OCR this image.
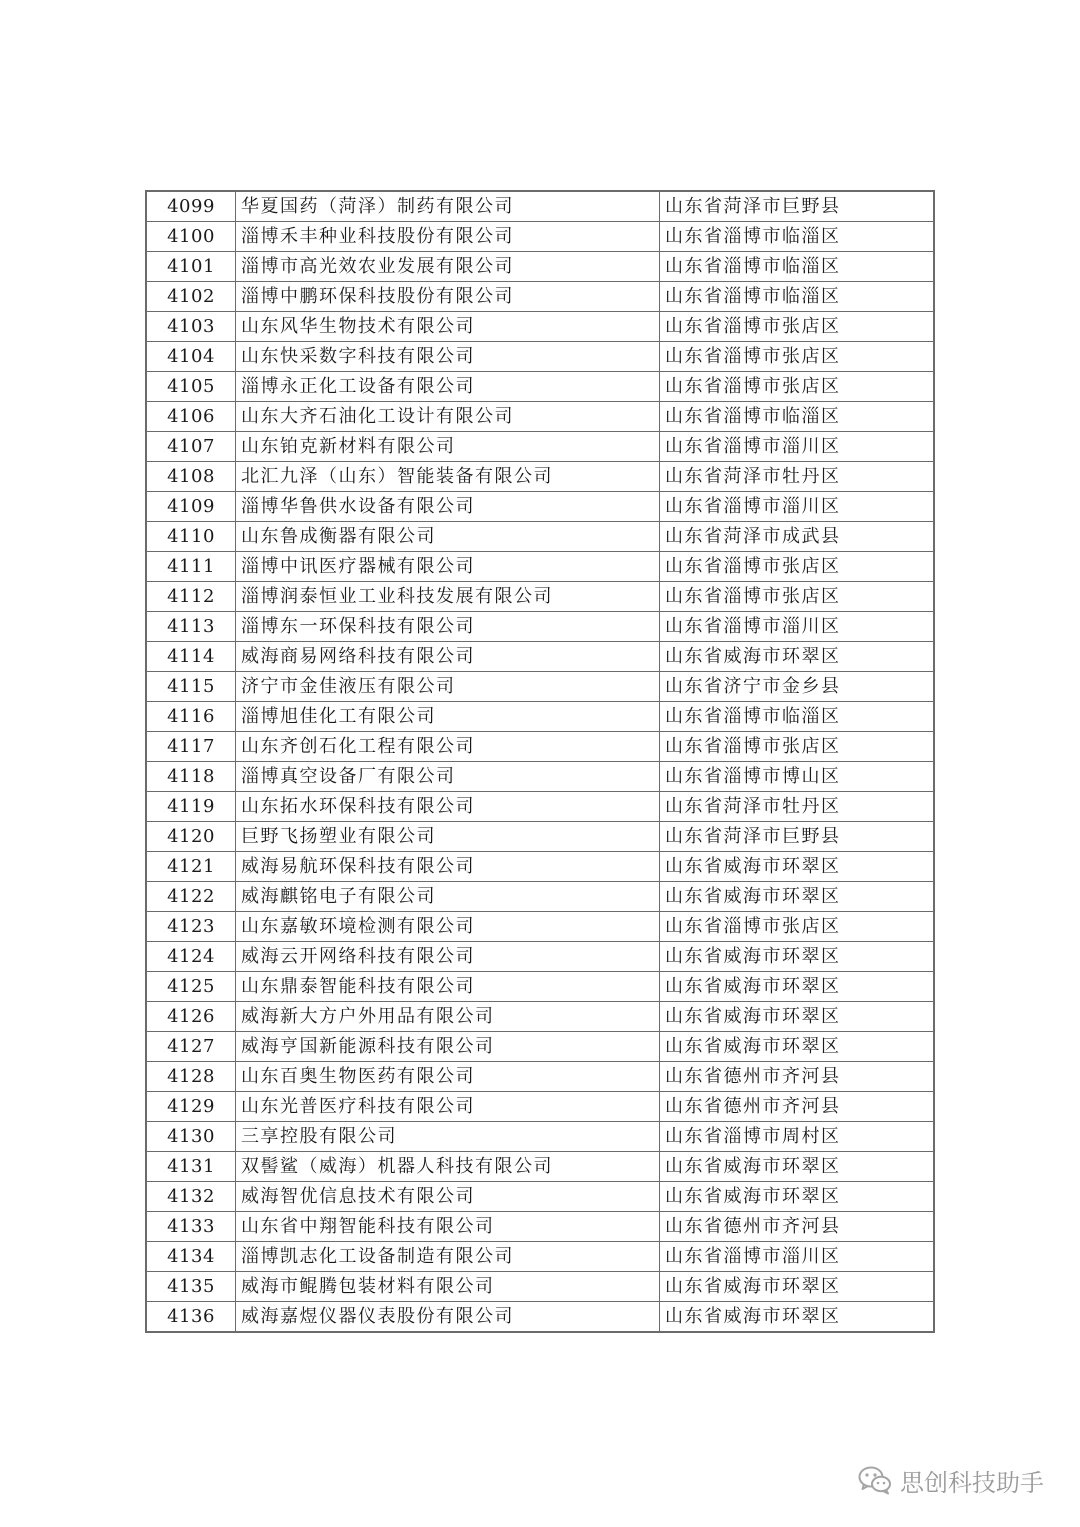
4099	华夏国药（菏泽）制药有限公司	山东省菏泽市巨野县
4100	淄博禾丰种业科技股份有限公司	山东省淄博市临淄区
4101	淄博市高光效农业发展有限公司	山东省淄博市临淄区
4102	淄博中鹏环保科技股份有限公司	山东省淄博市临淄区
4103	山东风华生物技术有限公司	山东省淄博市张店区
4104	山东快采数字科技有限公司	山东省淄博市张店区
4105	淄博永正化工设备有限公司	山东省淄博市张店区
4106	山东大齐石油化工设计有限公司	山东省淄博市临淄区
4107	山东铂克新材料有限公司	山东省淄博市淄川区
4108	北汇九泽（山东）智能装备有限公司	山东省菏泽市牡丹区
4109	淄博华鲁供水设备有限公司	山东省淄博市淄川区
4110	山东鲁成衡器有限公司	山东省菏泽市成武县
4111	淄博中讯医疗器械有限公司	山东省淄博市张店区
4112	淄博润泰恒业工业科技发展有限公司	山东省淄博市张店区
4113	淄博东一环保科技有限公司	山东省淄博市淄川区
4114	威海商易网络科技有限公司	山东省威海市环翠区
4115	济宁市金佳液压有限公司	山东省济宁市金乡县
4116	淄博旭佳化工有限公司	山东省淄博市临淄区
4117	山东齐创石化工程有限公司	山东省淄博市张店区
4118	淄博真空设备厂有限公司	山东省淄博市博山区
4119	山东拓水环保科技有限公司	山东省菏泽市牡丹区
4120	巨野飞扬塑业有限公司	山东省菏泽市巨野县
4121	威海易航环保科技有限公司	山东省威海市环翠区
4122	威海麒铭电子有限公司	山东省威海市环翠区
4123	山东嘉敏环境检测有限公司	山东省淄博市张店区
4124	威海云开网络科技有限公司	山东省威海市环翠区
4125	山东鼎泰智能科技有限公司	山东省威海市环翠区
4126	威海新大方户外用品有限公司	山东省威海市环翠区
4127	威海亨国新能源科技有限公司	山东省威海市环翠区
4128	山东百奥生物医药有限公司	山东省德州市齐河县
4129	山东光普医疗科技有限公司	山东省德州市齐河县
4130	三享控股有限公司	山东省淄博市周村区
4131	双髻鲨（威海）机器人科技有限公司	山东省威海市环翠区
4132	威海智优信息技术有限公司	山东省威海市环翠区
4133	山东省中翔智能科技有限公司	山东省德州市齐河县
4134	淄博凯志化工设备制造有限公司	山东省淄博市淄川区
4135	威海市鲲腾包装材料有限公司	山东省威海市环翠区
4136	威海嘉煜仪器仪表股份有限公司	山东省威海市环翠区
思创科技助手
